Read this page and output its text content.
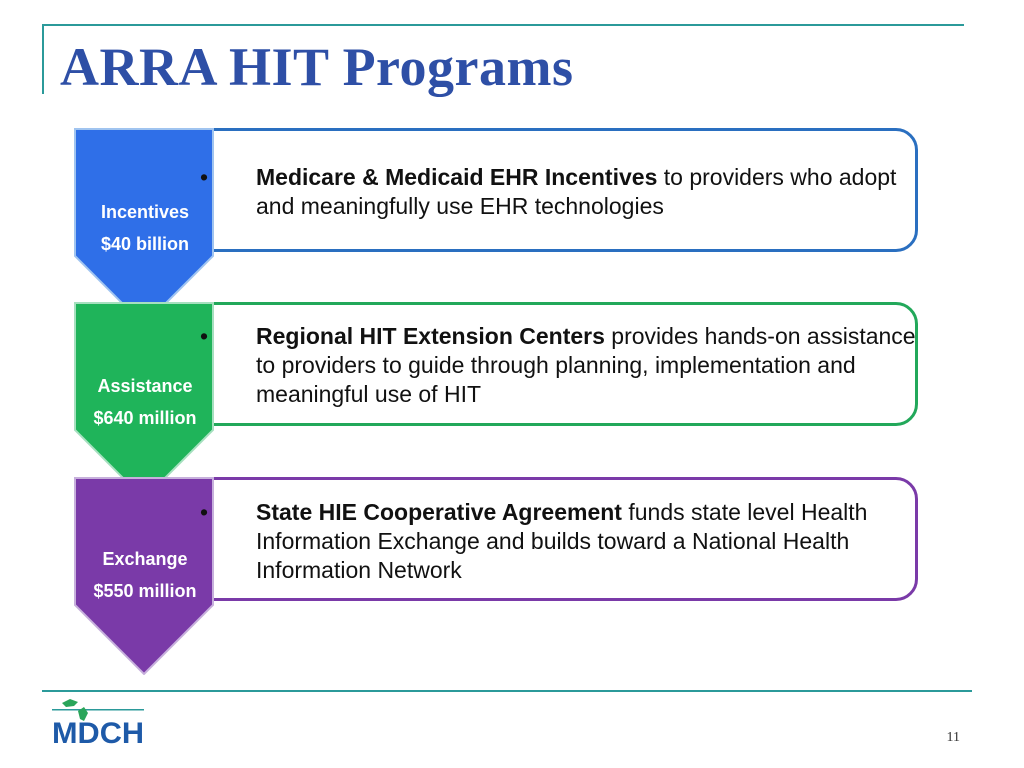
ARRA HIT Programs
Incentives
$40 billion
• Medicare & Medicaid EHR Incentives to providers who adopt and meaningfully use EHR technologies
Assistance
$640 million
• Regional HIT Extension Centers provides hands-on assistance to providers to guide through planning, implementation and meaningful use of HIT
Exchange
$550 million
• State HIE Cooperative Agreement funds state level Health Information Exchange and builds toward a National Health Information Network
MDCH	11
